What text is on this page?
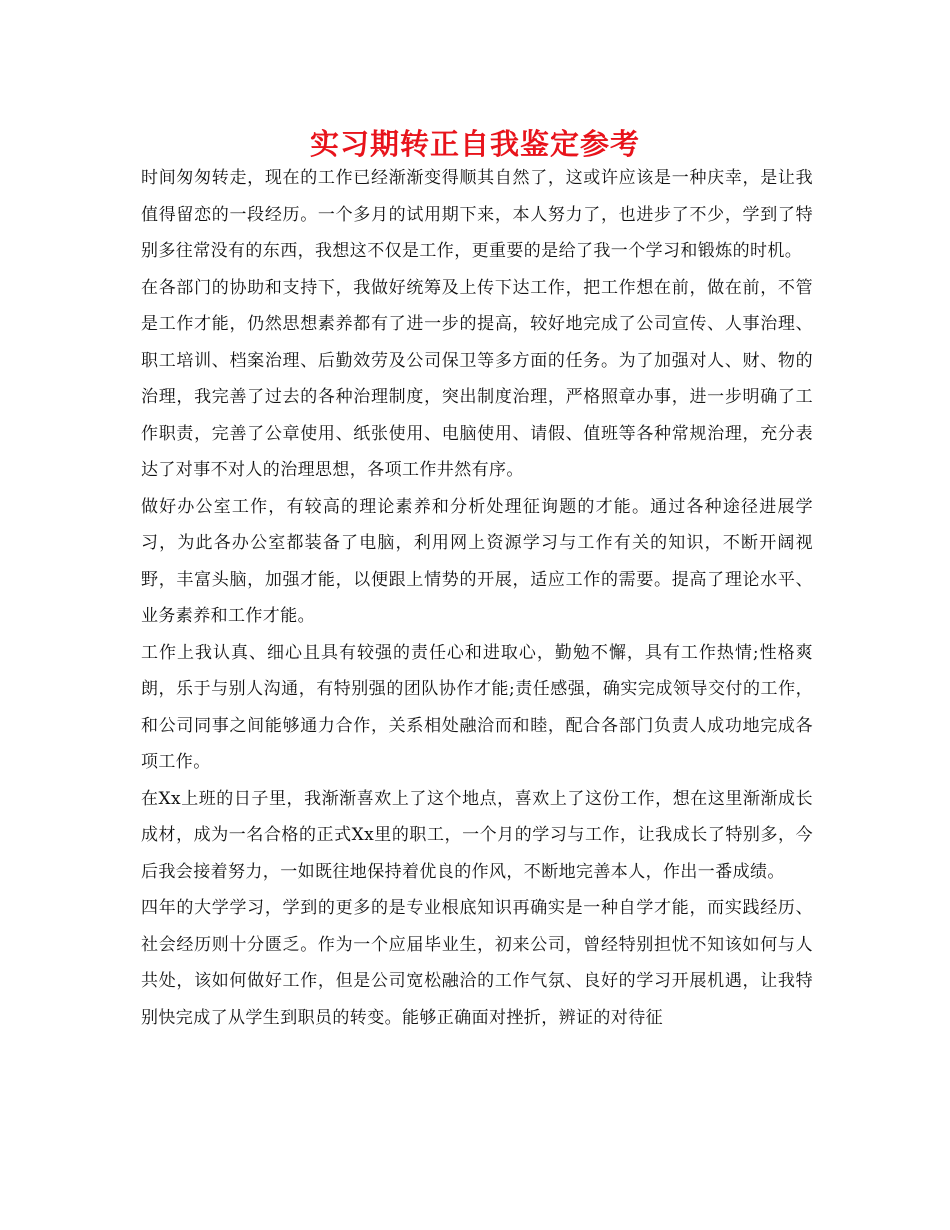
实习期转正自我鉴定参考

时间匆匆转走，现在的工作已经渐渐变得顺其自然了，这或许应该是一种庆幸，是让我值得留恋的一段经历。一个多月的试用期下来，本人努力了，也进步了不少，学到了特别多往常没有的东西，我想这不仅是工作，更重要的是给了我一个学习和锻炼的时机。

在各部门的协助和支持下，我做好统筹及上传下达工作，把工作想在前，做在前，不管是工作才能，仍然思想素养都有了进一步的提高，较好地完成了公司宣传、人事治理、职工培训、档案治理、后勤效劳及公司保卫等多方面的任务。为了加强对人、财、物的治理，我完善了过去的各种治理制度，突出制度治理，严格照章办事，进一步明确了工作职责，完善了公章使用、纸张使用、电脑使用、请假、值班等各种常规治理，充分表达了对事不对人的治理思想，各项工作井然有序。

做好办公室工作，有较高的理论素养和分析处理征询题的才能。通过各种途径进展学习，为此各办公室都装备了电脑，利用网上资源学习与工作有关的知识，不断开阔视野，丰富头脑，加强才能，以便跟上情势的开展，适应工作的需要。提高了理论水平、业务素养和工作才能。

工作上我认真、细心且具有较强的责任心和进取心，勤勉不懈，具有工作热情;性格爽朗，乐于与别人沟通，有特别强的团队协作才能;责任感强，确实完成领导交付的工作，和公司同事之间能够通力合作，关系相处融洽而和睦，配合各部门负责人成功地完成各项工作。

在Xx上班的日子里，我渐渐喜欢上了这个地点，喜欢上了这份工作，想在这里渐渐成长成材，成为一名合格的正式Xx里的职工，一个月的学习与工作，让我成长了特别多，今后我会接着努力，一如既往地保持着优良的作风，不断地完善本人，作出一番成绩。

四年的大学学习，学到的更多的是专业根底知识再确实是一种自学才能，而实践经历、社会经历则十分匮乏。作为一个应届毕业生，初来公司，曾经特别担忧不知该如何与人共处，该如何做好工作，但是公司宽松融洽的工作气氛、良好的学习开展机遇，让我特别快完成了从学生到职员的转变。能够正确面对挫折，辨证的对待征
